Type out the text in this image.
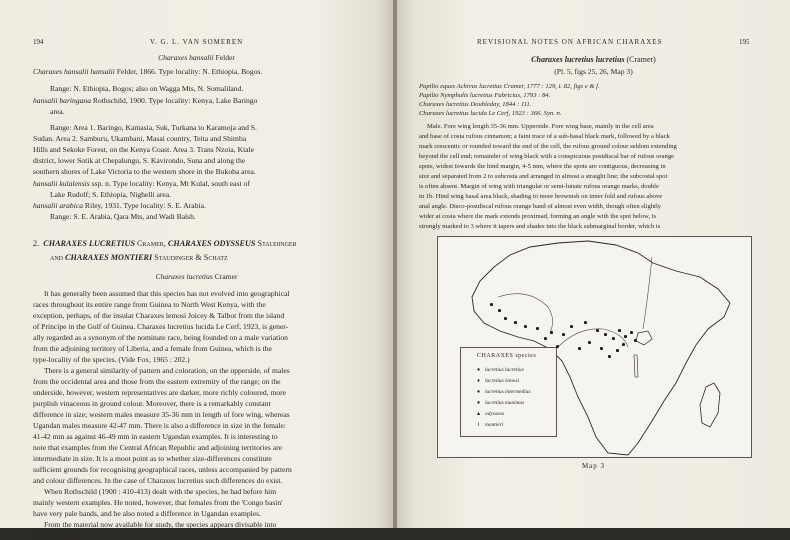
194	V. G. L. VAN SOMEREN
Charaxes hansalii Felder
Charaxes hansalii hansalii Felder, 1866. Type locality: N. Ethiopia, Bogos.
Range: N. Ethiopia, Bogos; also on Wagga Mts, N. Somaliland.
hansalii baringana Rothschild, 1900. Type locality: Kenya, Lake Baringo
area.
Range: Area 1. Baringo, Kamasia, Suk, Turkana to Karamoja and S.
Sudan. Area 2. Samburu, Ukambani, Masai country, Teita and Shimba
Hills and Sekoke Forest, on the Kenya Coast. Area 3. Trans Nzoia, Ktale
district, lower Sotik at Chepalungu, S. Kavirondo, Suna and along the
southern shores of Lake Victoria to the western shore in the Bukoba area.
hansalii kulalensis ssp. n. Type locality: Kenya, Mt Kulal, south east of
Lake Rudolf; S. Ethiopia, Nighelli area.
hansalii arabica Riley, 1931. Type locality: S. E. Arabia.
Range: S. E. Arabia, Qara Mts, and Wadi Balsh.
2. CHARAXES LUCRETIUS Cramer, CHARAXES ODYSSEUS Staudinger
and CHARAXES MONTIERI Staudinger & Schatz
Charaxes lucretius Cramer
It has generally been assumed that this species has not evolved into geographical
races throughout its entire range from Guinea to North West Kenya, with the
exception, perhaps, of the insular Charaxes lemosi Joicey & Talbot from the island
of Principe in the Gulf of Guinea. Charaxes lucretius lucida Le Cerf, 1923, is gener-
ally regarded as a synonym of the nominate race, being founded on a male variation
from the adjoining territory of Liberia, and a female from Guinea, which is the
type-locality of the species. (Vide Fox, 1965 : 202.)
There is a general similarity of pattern and coloration, on the upperside, of males
from the occidental area and those from the eastern extremity of the range; on the
underside, however, western representatives are darker, more richly coloured, more
purplish vinaceous in ground colour. Moreover, there is a remarkably constant
difference in size; western males measure 35-36 mm in length of fore wing, whereas
Ugandan males measure 42-47 mm. There is also a difference in size in the female:
41-42 mm as against 46-49 mm in eastern Ugandan examples. It is interesting to
note that examples from the Central African Republic and adjoining territories are
intermediate in size. It is a moot point as to whether size-differences constitute
sufficient grounds for recognising geographical races, unless accompanied by pattern
and colour differences. In the case of Charaxes lucretius such differences do exist.
When Rothschild (1900 : 410-413) dealt with the species, he had before him
mainly western examples. He noted, however, that females from the 'Congo basin'
have very pale bands, and he also noted a difference in Ugandan examples.
From the material now available for study, the species appears divisable into
four subspecies.
REVISIONAL NOTES ON AFRICAN CHARAXES	195
Charaxes lucretius lucretius (Cramer)
(Pl. 5, figs 25, 26, Map 3)
Papilio eques Achivus lucretius Cramer, 1777 : 129, t. 82, figs e & f.
Papilio Nymphalis lucretius Fabricius, 1793 : 84.
Charaxes lucretius Doubleday, 1844 : 111.
Charaxes lucretius lucida Le Cerf, 1923 : 366. Syn. n.
Male. Fore wing length 35-36 mm. Upperside. Fore wing base, mainly in the cell area
and base of costa rufous cinnamon; a faint trace of a sub-basal black mark, followed by a black
mark crescentic or rounded toward the end of the cell, the rufous ground colour seldom extending
beyond the cell end; remainder of wing black with a conspicuous postdiscal bar of rufous orange
spots, widest towards the hind margin, 4-5 mm, where the spots are contiguous, decreasing in
size and separated from 2 to subcosta and arranged in almost a straight line; the subcostal spot
is often absent. Margin of wing with triangular or semi-lunate rufous orange marks, double
in 1b. Hind wing basal area black, shading to more brownish on inner fold and rufous above
anal angle. Disco-postdiscal rufous orange band of almost even width, though often slightly
wider at costa where the mark extends proximad, forming an angle with the spot below, is
strongly marked to 3 where it tapers and shades into the black submarginal border, which is
CHARAXES species
● lucretius lucretius
♦ lucretius lemosi
● lucretius intermedius
● lucretius maximus
▲ odysseus
I montieri
Map 3
